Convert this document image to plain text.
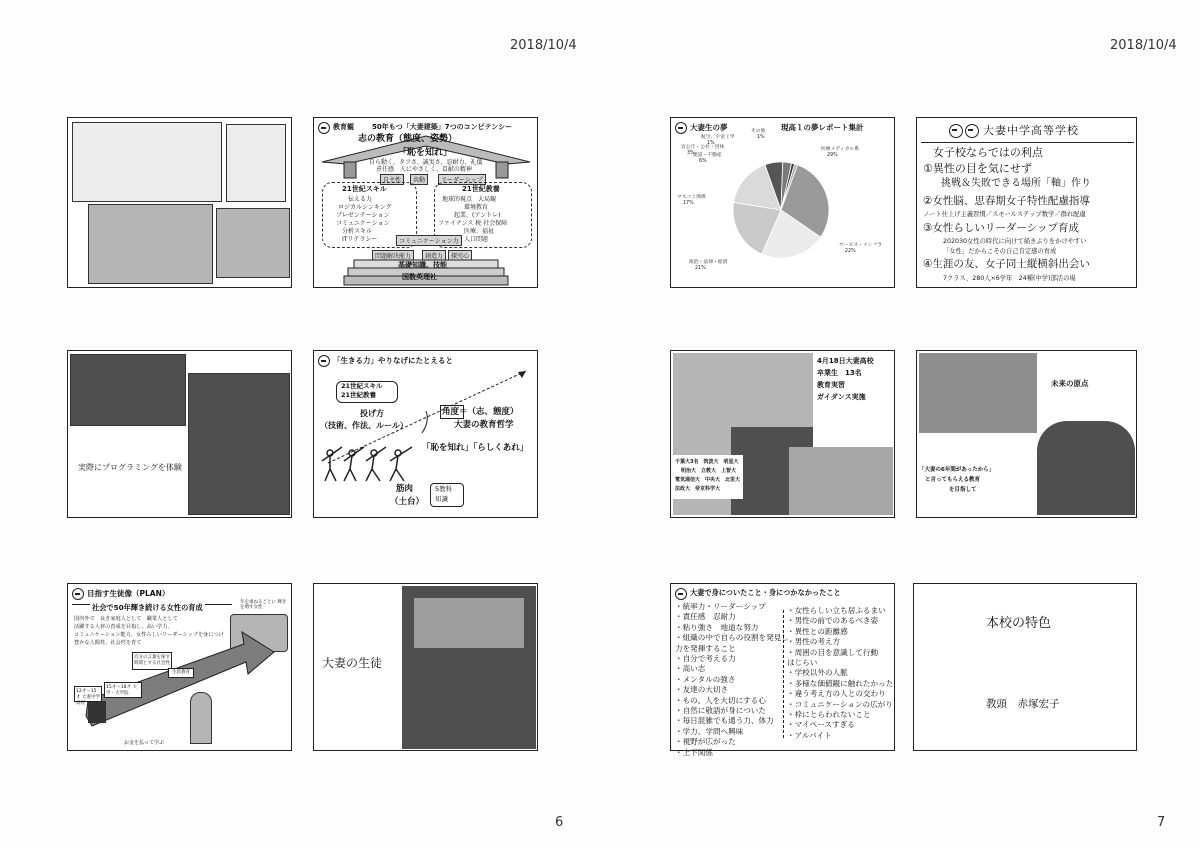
2018/10/4	2018/10/4
6	7
教育観	50年もつ「大妻建築」7つのコンピテンシー
志の教育（態度、姿勢）
「恥を知れ」
自ら動く、タフさ、誠実さ、忍耐力、礼儀
責任感　人にやさしく、貢献の精神
自主性	共動	リーダーシップ
21世紀スキル
伝える力
ロジカルシンキング
プレゼンテーション
コミュニケーション
分析スキル
ITリテラシー
21世紀教養
地球的視点　大局観
環境教育
起業、(アントレ)
ファイナンス 税 社会保障
医療、福祉
人口問題
コミュニケーション力
問題解決能力	創造力	探究心
基礎知識、技能
国数英理社
実際にプログラミングを体験
「生きる力」やりなげにたとえると
21世紀スキル
21世紀教養
投げ方
（技術、作法、ルール）
角度＝（志、態度）
大妻の教育哲学
「恥を知れ」「らしくあれ」
筋肉
（土台）
5教科
知識
目指す生徒像（PLAN）
社会で50年輝き続ける女性の育成
国内外で　良き家庭人として　職業人として
活躍する人材の育成を目指し、高い学力、
コミュニケーション能力、女性らしいリーダーシップを身につけ
豊かな人間性、社会性を育て
年を重ねるごとに 輝きを増す女性
自分の言葉を探す 時間とする社会性
15才～18才 大学・大学院
12才～15才 大妻中学 高校
生涯教育
お金を払って学ぶ
大妻の生徒
大妻生の夢	現高１の夢レポート集計
医療メディカル系
29%
サービス・インフラ
22%
政治・法律・経済
21%
マスコミ関係
17%
建設・不動産
6%
官公庁・公社・団体
3%
航空、宇宙工学
1%
その他
1%
大妻中学高等学校
女子校ならではの利点
①異性の目を気にせず
挑戦＆失敗できる場所「軸」作り
②女性脳、思春期女子特性配慮指導
ノート仕上げ主義習慣／スモールステップ数学／群れ配慮
③女性らしいリーダーシップ育成
202030女性の時代に向けて描きぶりをかけやすい
「女性」だからこその自己肯定感の育成
④生涯の友、女子同士縦横斜出会い
7クラス、280人×6学年　24種(中学)部活の場
4月18日大妻高校
卒業生　13名
教育実習
ガイダンス実施
千葉大3名　筑波大　明星大
明治大　立教大　上智大
電気通信大　中央大　北里大
法政大　帝京科学大
未来の原点
「大妻の6年間があったから」
と言ってもらえる教育
を目指して
大妻で身についたこと・身につかなかったこと
・統率力・リーダーシップ
・責任感　忍耐力
・粘り強さ　地道な努力
・組織の中で自らの役割を発見し
力を発揮すること
・自分で考える力
・高い志
・メンタルの強さ
・友達の大切さ
・もの、人を大切にする心
・自然に敬語が身についた
・毎日混雑でも通う力、体力
・学力、学問へ興味
・視野が広がった
・上下関係
・女性らしい立ち居ふるまい
・男性の前でのあるべき姿
・異性との距離感
・男性の考え方
・周囲の目を意識して行動
はじらい
・学校以外の人脈
・多様な価値観に触れたかった
・違う考え方の人との交わり
・コミュニケーションの広がり
・枠にとらわれないこと
・マイペースすぎる
・アルバイト
本校の特色
教頭　赤塚宏子
